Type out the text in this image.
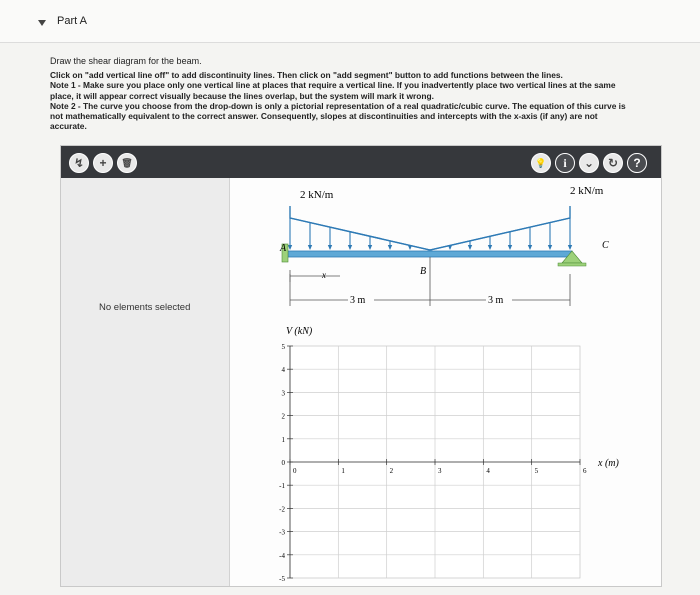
Part A
Draw the shear diagram for the beam.
Click on "add vertical line off" to add discontinuity lines. Then click on "add segment" button to add functions between the lines.
Note 1 - Make sure you place only one vertical line at places that require a vertical line. If you inadvertently place two vertical lines at the same
place, it will appear correct visually because the lines overlap, but the system will mark it wrong.
Note 2 - The curve you choose from the drop-down is only a pictorial representation of a real quadratic/cubic curve. The equation of this curve is
not mathematically equivalent to the correct answer. Consequently, slopes at discontinuities and intercepts with the x-axis (if any) are not
accurate.
↯	+	🗑	💡	i	⌄	↻	?
No elements selected
2 kN/m	2 kN/m
A	C
B
x
3 m	3 m
V (kN)
5
4
3
2
1
0
-1
-2
-3
-4
-5
0	1	2	3	4	5	6
x (m)
